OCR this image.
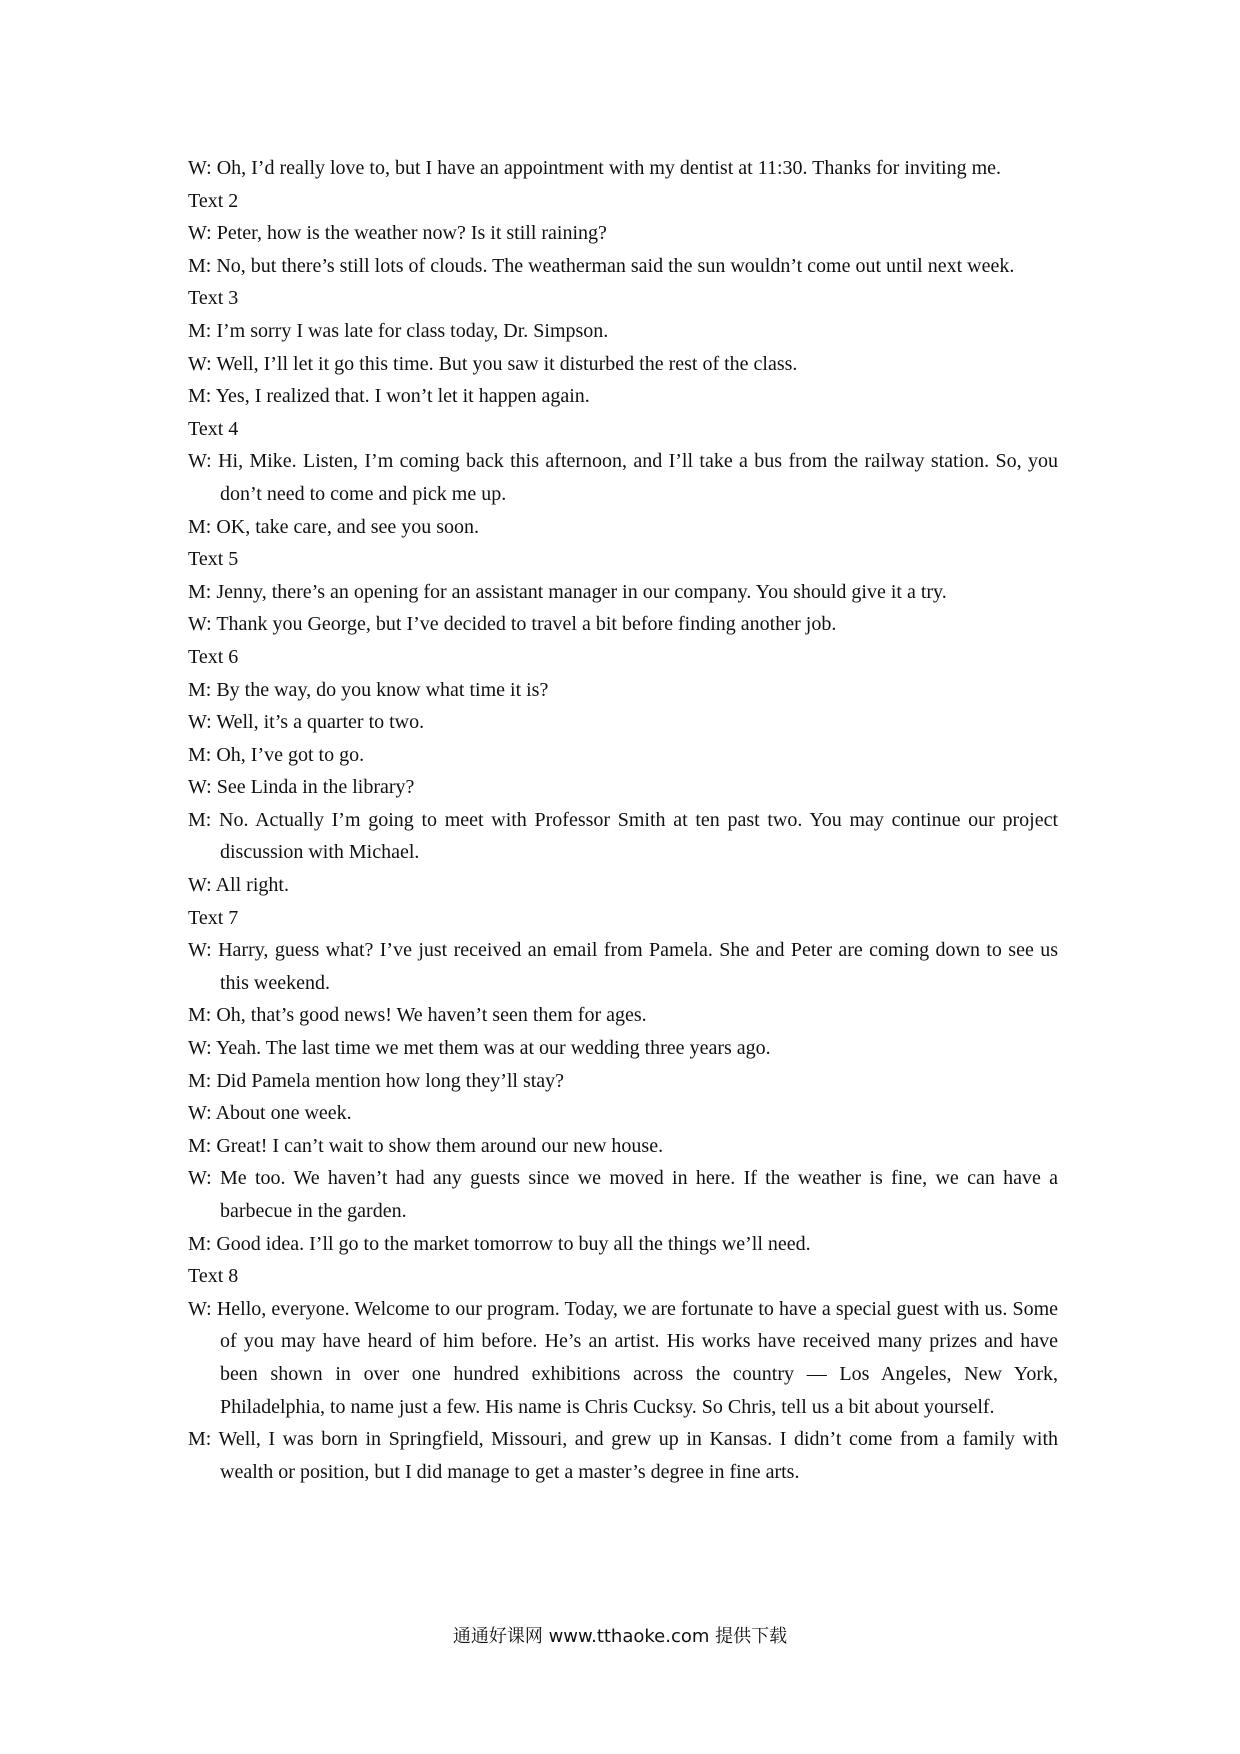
W: Oh, I’d really love to, but I have an appointment with my dentist at 11:30. Thanks for inviting me.

Text 2

W: Peter, how is the weather now? Is it still raining?

M: No, but there’s still lots of clouds. The weatherman said the sun wouldn’t come out until next week.

Text 3

M: I’m sorry I was late for class today, Dr. Simpson.

W: Well, I’ll let it go this time. But you saw it disturbed the rest of the class.

M: Yes, I realized that. I won’t let it happen again.

Text 4

W: Hi, Mike. Listen, I’m coming back this afternoon, and I’ll take a bus from the railway station. So, you don’t need to come and pick me up.

M: OK, take care, and see you soon.

Text 5

M: Jenny, there’s an opening for an assistant manager in our company. You should give it a try.

W: Thank you George, but I’ve decided to travel a bit before finding another job.

Text 6

M: By the way, do you know what time it is?

W: Well, it’s a quarter to two.

M: Oh, I’ve got to go.

W: See Linda in the library?

M: No. Actually I’m going to meet with Professor Smith at ten past two. You may continue our project discussion with Michael.

W: All right.

Text 7

W: Harry, guess what? I’ve just received an email from Pamela. She and Peter are coming down to see us this weekend.

M: Oh, that’s good news! We haven’t seen them for ages.

W: Yeah. The last time we met them was at our wedding three years ago.

M: Did Pamela mention how long they’ll stay?

W: About one week.

M: Great! I can’t wait to show them around our new house.

W: Me too. We haven’t had any guests since we moved in here. If the weather is fine, we can have a barbecue in the garden.

M: Good idea. I’ll go to the market tomorrow to buy all the things we’ll need.

Text 8

W: Hello, everyone. Welcome to our program. Today, we are fortunate to have a special guest with us. Some of you may have heard of him before. He’s an artist. His works have received many prizes and have been shown in over one hundred exhibitions across the country — Los Angeles, New York, Philadelphia, to name just a few. His name is Chris Cucksy. So Chris, tell us a bit about yourself.

M: Well, I was born in Springfield, Missouri, and grew up in Kansas. I didn’t come from a family with wealth or position, but I did manage to get a master’s degree in fine arts.

通通好课网 www.tthaoke.com 提供下载
